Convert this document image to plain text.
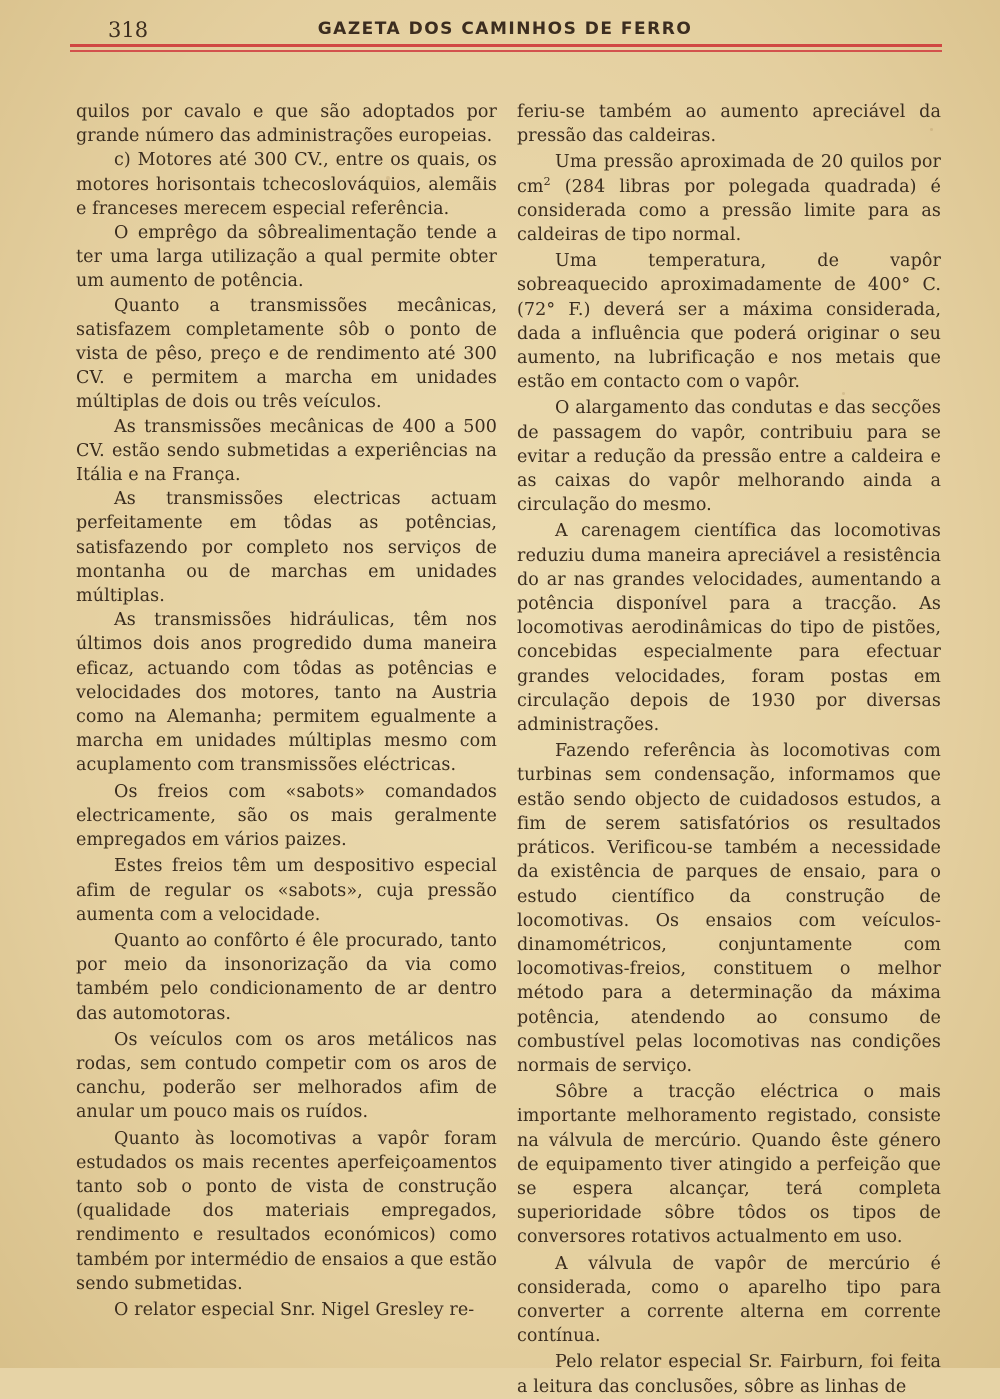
318	GAZETA DOS CAMINHOS DE FERRO

quilos por cavalo e que são adoptados por grande número das administrações europeias.

c) Motores até 300 CV., entre os quais, os motores horisontais tchecoslováquios, alemãis e franceses merecem especial referência.

O emprêgo da sôbrealimentação tende a ter uma larga utilização a qual permite obter um aumento de potência.

Quanto a transmissões mecânicas, satisfazem completamente sôb o ponto de vista de pêso, preço e de rendimento até 300 CV. e permitem a marcha em unidades múltiplas de dois ou três veículos.

As transmissões mecânicas de 400 a 500 CV. estão sendo submetidas a experiências na Itália e na França.

As transmissões electricas actuam perfeitamente em tôdas as potências, satisfazendo por completo nos serviços de montanha ou de marchas em unidades múltiplas.

As transmissões hidráulicas, têm nos últimos dois anos progredido duma maneira eficaz, actuando com tôdas as potências e velocidades dos motores, tanto na Austria como na Alemanha; permitem egualmente a marcha em unidades múltiplas mesmo com acuplamento com transmissões eléctricas.

Os freios com «sabots» comandados electricamente, são os mais geralmente empregados em vários paizes.

Estes freios têm um despositivo especial afim de regular os «sabots», cuja pressão aumenta com a velocidade.

Quanto ao confôrto é êle procurado, tanto por meio da insonorização da via como também pelo condicionamento de ar dentro das automotoras.

Os veículos com os aros metálicos nas rodas, sem contudo competir com os aros de canchu, poderão ser melhorados afim de anular um pouco mais os ruídos.

Quanto às locomotivas a vapôr foram estudados os mais recentes aperfeiçoamentos tanto sob o ponto de vista de construção (qualidade dos materiais empregados, rendimento e resultados económicos) como também por intermédio de ensaios a que estão sendo submetidas.

O relator especial Snr. Nigel Gresley re-

feriu-se também ao aumento apreciável da pressão das caldeiras.

Uma pressão aproximada de 20 quilos por $cm^2$ (284 libras por polegada quadrada) é considerada como a pressão limite para as caldeiras de tipo normal.

Uma temperatura, de vapôr sobreaquecido aproximadamente de 400° C. (72° F.) deverá ser a máxima considerada, dada a influência que poderá originar o seu aumento, na lubrificação e nos metais que estão em contacto com o vapôr.

O alargamento das condutas e das secções de passagem do vapôr, contribuiu para se evitar a redução da pressão entre a caldeira e as caixas do vapôr melhorando ainda a circulação do mesmo.

A carenagem científica das locomotivas reduziu duma maneira apreciável a resistência do ar nas grandes velocidades, aumentando a potência disponível para a tracção. As locomotivas aerodinâmicas do tipo de pistões, concebidas especialmente para efectuar grandes velocidades, foram postas em circulação depois de 1930 por diversas administrações.

Fazendo referência às locomotivas com turbinas sem condensação, informamos que estão sendo objecto de cuidadosos estudos, a fim de serem satisfatórios os resultados práticos. Verificou-se também a necessidade da existência de parques de ensaio, para o estudo científico da construção de locomotivas. Os ensaios com veículos-dinamométricos, conjuntamente com locomotivas-freios, constituem o melhor método para a determinação da máxima potência, atendendo ao consumo de combustível pelas locomotivas nas condições normais de serviço.

Sôbre a tracção eléctrica o mais importante melhoramento registado, consiste na válvula de mercúrio. Quando êste género de equipamento tiver atingido a perfeição que se espera alcançar, terá completa superioridade sôbre tôdos os tipos de conversores rotativos actualmento em uso.

A válvula de vapôr de mercúrio é considerada, como o aparelho tipo para converter a corrente alterna em corrente contínua.

Pelo relator especial Sr. Fairburn, foi feita a leitura das conclusões, sôbre as linhas de
